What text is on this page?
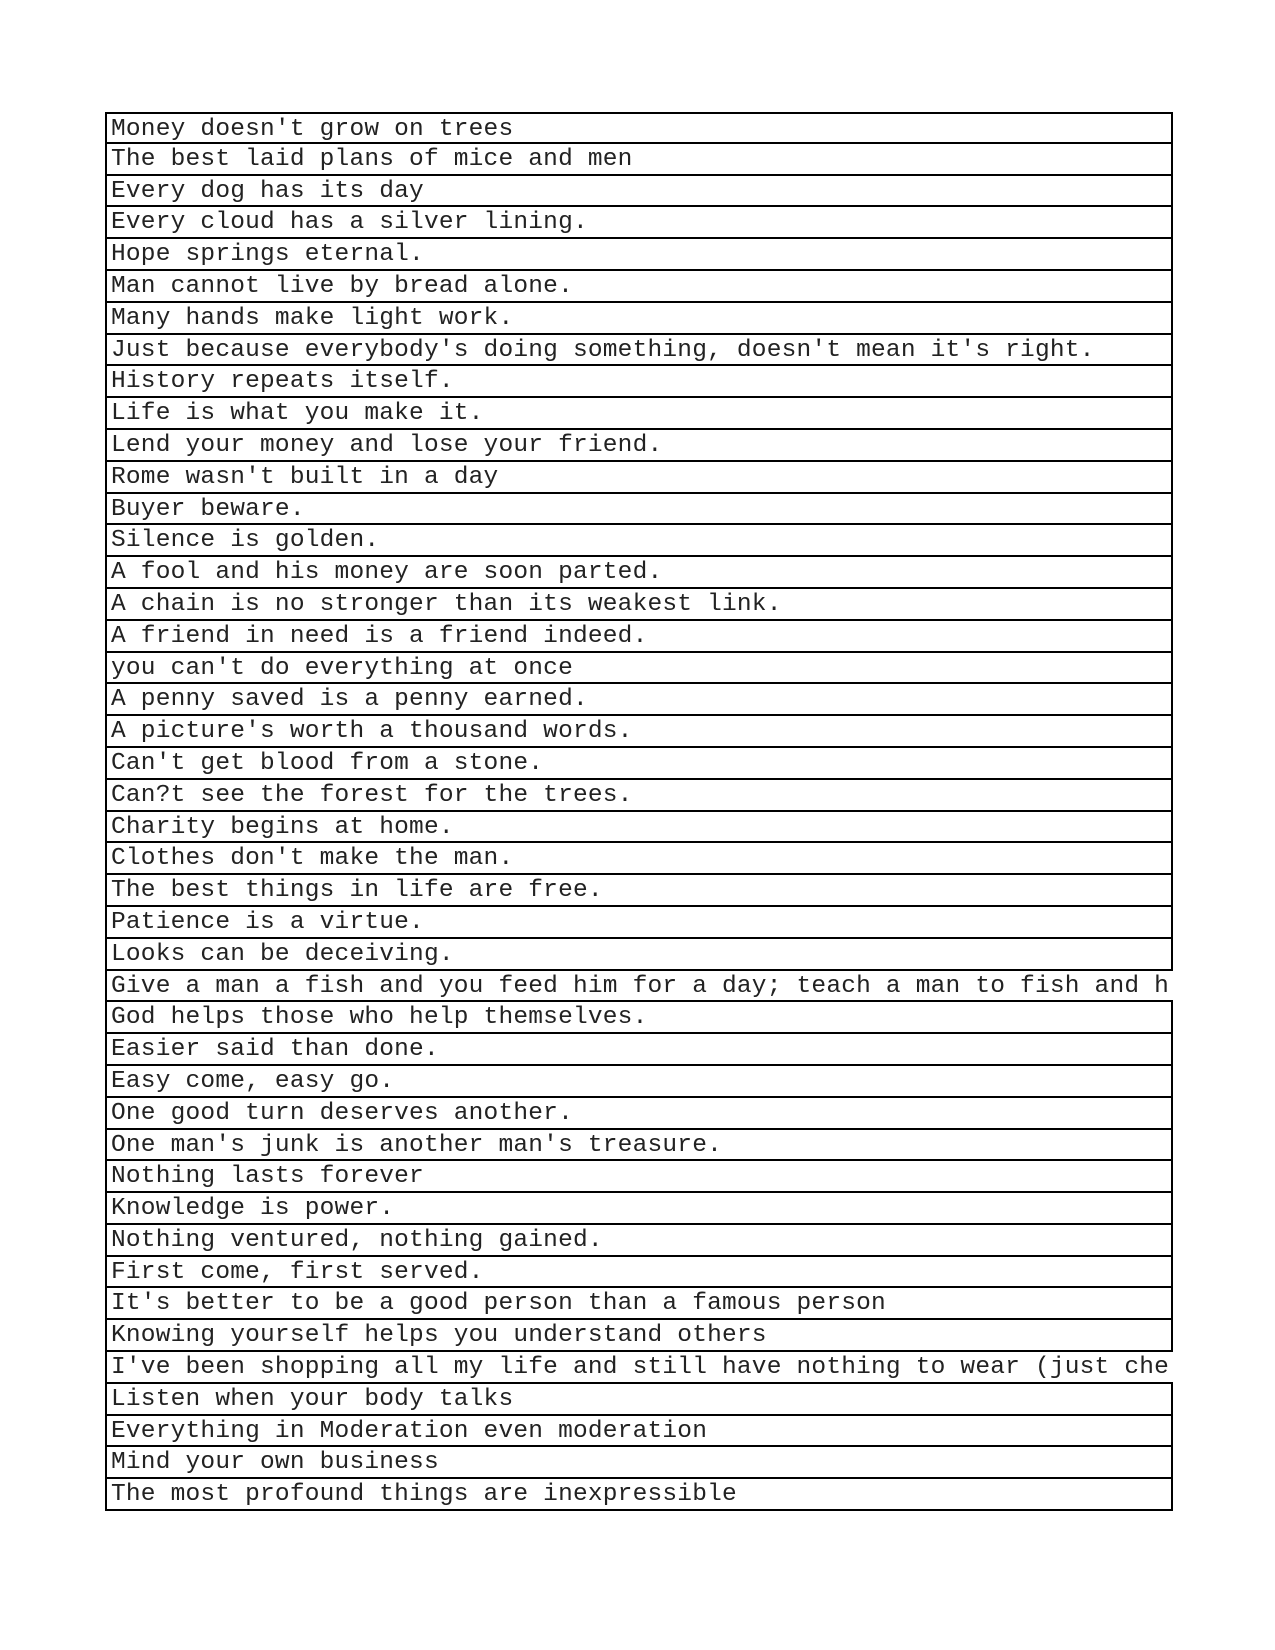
Money doesn't grow on trees
The best laid plans of mice and men
Every dog has its day
Every cloud has a silver lining.
Hope springs eternal.
Man cannot live by bread alone.
Many hands make light work.
Just because everybody's doing something, doesn't mean it's right.
History repeats itself.
Life is what you make it.
Lend your money and lose your friend.
Rome wasn't built in a day
Buyer beware.
Silence is golden.
A fool and his money are soon parted.
A chain is no stronger than its weakest link.
A friend in need is a friend indeed.
you can't do everything at once
A penny saved is a penny earned.
A picture's worth a thousand words.
Can't get blood from a stone.
Can?t see the forest for the trees.
Charity begins at home.
Clothes don't make the man.
The best things in life are free.
Patience is a virtue.
Looks can be deceiving.
Give a man a fish and you feed him for a day; teach a man to fish and h
God helps those who help themselves.
Easier said than done.
Easy come, easy go.
One good turn deserves another.
One man's junk is another man's treasure.
Nothing lasts forever
Knowledge is power.
Nothing ventured, nothing gained.
First come, first served.
It's better to be a good person than a famous person
Knowing yourself helps you understand others
I've been shopping all my life and still have nothing to wear (just che
Listen when your body talks
Everything in Moderation even moderation
Mind your own business
The most profound things are inexpressible
